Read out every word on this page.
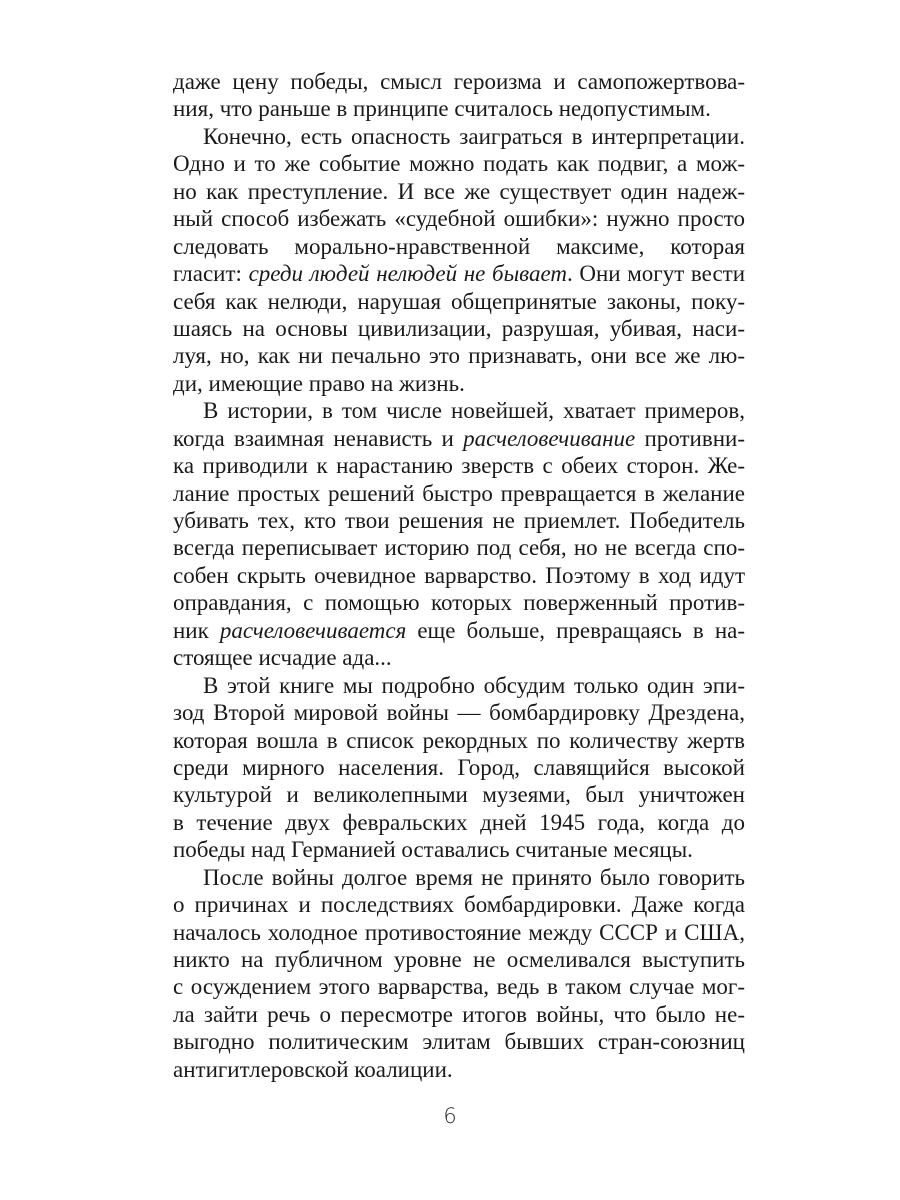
даже цену победы, смысл героизма и самопожертвова-
ния, что раньше в принципе считалось недопустимым.
Конечно, есть опасность заиграться в интерпретации.
Одно и то же событие можно подать как подвиг, а мож-
но как преступление. И все же существует один надеж-
ный способ избежать «судебной ошибки»: нужно просто
следовать морально-нравственной максиме, которая
гласит: среди людей нелюдей не бывает. Они могут вести
себя как нелюди, нарушая общепринятые законы, поку-
шаясь на основы цивилизации, разрушая, убивая, наси-
луя, но, как ни печально это признавать, они все же лю-
ди, имеющие право на жизнь.
В истории, в том числе новейшей, хватает примеров,
когда взаимная ненависть и расчеловечивание противни-
ка приводили к нарастанию зверств с обеих сторон. Же-
лание простых решений быстро превращается в желание
убивать тех, кто твои решения не приемлет. Победитель
всегда переписывает историю под себя, но не всегда спо-
собен скрыть очевидное варварство. Поэтому в ход идут
оправдания, с помощью которых поверженный против-
ник расчеловечивается еще больше, превращаясь в на-
стоящее исчадие ада...
В этой книге мы подробно обсудим только один эпи-
зод Второй мировой войны — бомбардировку Дрездена,
которая вошла в список рекордных по количеству жертв
среди мирного населения. Город, славящийся высокой
культурой и великолепными музеями, был уничтожен
в течение двух февральских дней 1945 года, когда до
победы над Германией оставались считаные месяцы.
После войны долгое время не принято было говорить
о причинах и последствиях бомбардировки. Даже когда
началось холодное противостояние между СССР и США,
никто на публичном уровне не осмеливался выступить
с осуждением этого варварства, ведь в таком случае мог-
ла зайти речь о пересмотре итогов войны, что было не-
выгодно политическим элитам бывших стран-союзниц
антигитлеровской коалиции.
6
